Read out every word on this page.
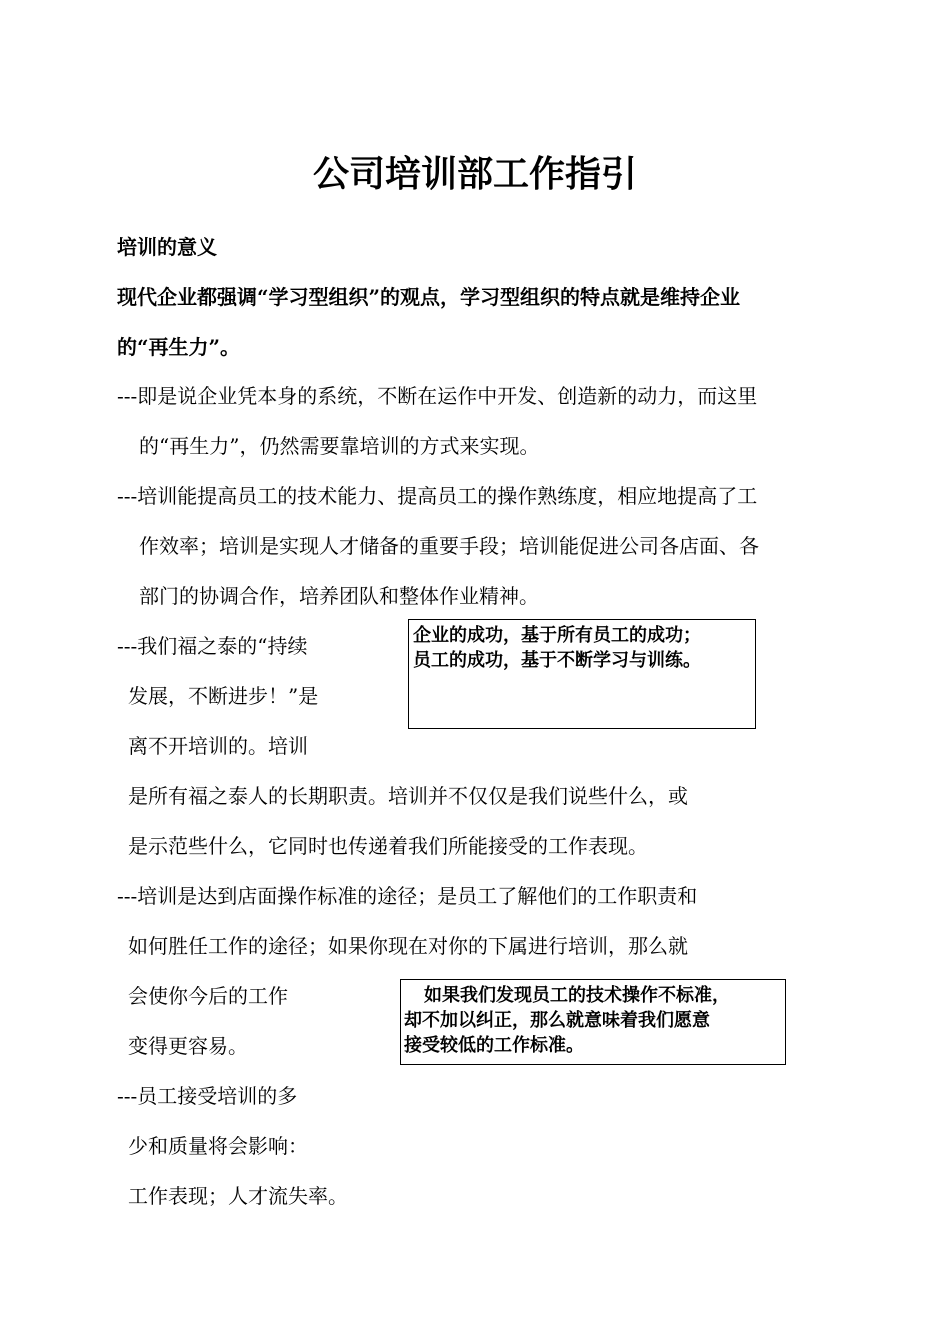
公司培训部工作指引
培训的意义
现代企业都强调“学习型组织”的观点，学习型组织的特点就是维持企业
的“再生力”。
---即是说企业凭本身的系统，不断在运作中开发、创造新的动力，而这里
的“再生力”，仍然需要靠培训的方式来实现。
---培训能提高员工的技术能力、提高员工的操作熟练度，相应地提高了工
作效率；培训是实现人才储备的重要手段；培训能促进公司各店面、各
部门的协调合作，培养团队和整体作业精神。
---我们福之泰的“持续
发展，不断进步！”是
离不开培训的。培训
是所有福之泰人的长期职责。培训并不仅仅是我们说些什么，或
是示范些什么，它同时也传递着我们所能接受的工作表现。
企业的成功，基于所有员工的成功；
员工的成功，基于不断学习与训练。
---培训是达到店面操作标准的途径；是员工了解他们的工作职责和
如何胜任工作的途径；如果你现在对你的下属进行培训，那么就
会使你今后的工作
变得更容易。
如果我们发现员工的技术操作不标准，
却不加以纠正，那么就意味着我们愿意
接受较低的工作标准。
---员工接受培训的多
少和质量将会影响：
工作表现；人才流失率。
